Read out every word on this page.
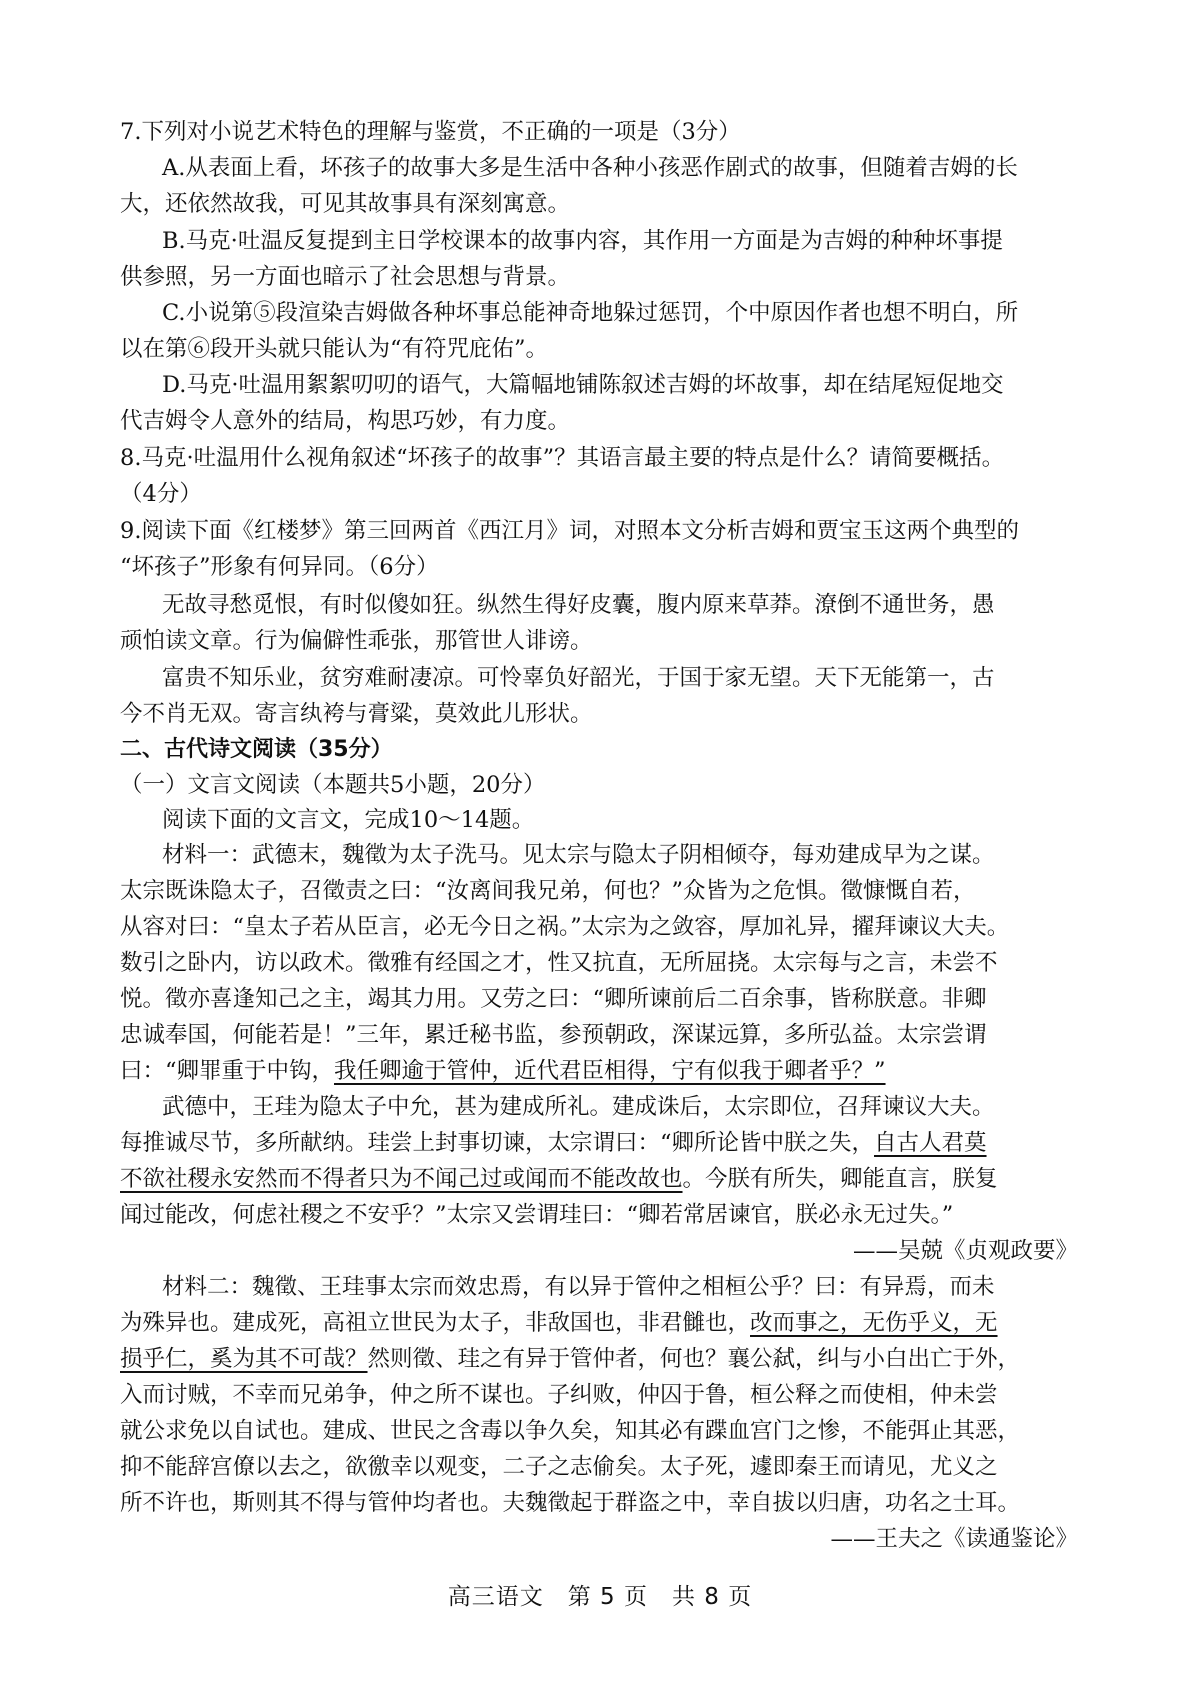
7.下列对小说艺术特色的理解与鉴赏，不正确的一项是（3分）
A.从表面上看，坏孩子的故事大多是生活中各种小孩恶作剧式的故事，但随着吉姆的长
大，还依然故我，可见其故事具有深刻寓意。
B.马克·吐温反复提到主日学校课本的故事内容，其作用一方面是为吉姆的种种坏事提
供参照，另一方面也暗示了社会思想与背景。
C.小说第⑤段渲染吉姆做各种坏事总能神奇地躲过惩罚，个中原因作者也想不明白，所
以在第⑥段开头就只能认为“有符咒庇佑”。
D.马克·吐温用絮絮叨叨的语气，大篇幅地铺陈叙述吉姆的坏故事，却在结尾短促地交
代吉姆令人意外的结局，构思巧妙，有力度。
8.马克·吐温用什么视角叙述“坏孩子的故事”？其语言最主要的特点是什么？请简要概括。
（4分）
9.阅读下面《红楼梦》第三回两首《西江月》词，对照本文分析吉姆和贾宝玉这两个典型的
“坏孩子”形象有何异同。（6分）
无故寻愁觅恨，有时似傻如狂。纵然生得好皮囊，腹内原来草莽。潦倒不通世务，愚
顽怕读文章。行为偏僻性乖张，那管世人诽谤。
富贵不知乐业，贫穷难耐凄凉。可怜辜负好韶光，于国于家无望。天下无能第一，古
今不肖无双。寄言纨袴与膏粱，莫效此儿形状。
二、古代诗文阅读（35分）
（一）文言文阅读（本题共5小题，20分）
阅读下面的文言文，完成10～14题。
材料一：武德末，魏徵为太子洗马。见太宗与隐太子阴相倾夺，每劝建成早为之谋。
太宗既诛隐太子，召徵责之曰：“汝离间我兄弟，何也？”众皆为之危惧。徵慷慨自若，
从容对曰：“皇太子若从臣言，必无今日之祸。”太宗为之敛容，厚加礼异，擢拜谏议大夫。
数引之卧内，访以政术。徵雅有经国之才，性又抗直，无所屈挠。太宗每与之言，未尝不
悦。徵亦喜逢知己之主，竭其力用。又劳之曰：“卿所谏前后二百余事，皆称朕意。非卿
忠诚奉国，何能若是！”三年，累迁秘书监，参预朝政，深谋远算，多所弘益。太宗尝谓
曰：“卿罪重于中钩，我任卿逾于管仲，近代君臣相得，宁有似我于卿者乎？”
武德中，王珪为隐太子中允，甚为建成所礼。建成诛后，太宗即位，召拜谏议大夫。
每推诚尽节，多所献纳。珪尝上封事切谏，太宗谓曰：“卿所论皆中朕之失，自古人君莫
不欲社稷永安然而不得者只为不闻己过或闻而不能改故也。今朕有所失，卿能直言，朕复
闻过能改，何虑社稷之不安乎？”太宗又尝谓珪曰：“卿若常居谏官，朕必永无过失。”
——吴兢《贞观政要》
材料二：魏徵、王珪事太宗而效忠焉，有以异于管仲之相桓公乎？曰：有异焉，而未
为殊异也。建成死，高祖立世民为太子，非敌国也，非君雠也，改而事之，无伤乎义，无
损乎仁，奚为其不可哉？然则徵、珪之有异于管仲者，何也？襄公弑，纠与小白出亡于外，
入而讨贼，不幸而兄弟争，仲之所不谋也。子纠败，仲囚于鲁，桓公释之而使相，仲未尝
就公求免以自试也。建成、世民之含毒以争久矣，知其必有蹀血宫门之惨，不能弭止其恶，
抑不能辞宫僚以去之，欲徼幸以观变，二子之志偷矣。太子死，遽即秦王而请见，尤义之
所不许也，斯则其不得与管仲均者也。夫魏徵起于群盗之中，幸自拔以归唐，功名之士耳。
——王夫之《读通鉴论》
高三语文　第 5 页　共 8 页
